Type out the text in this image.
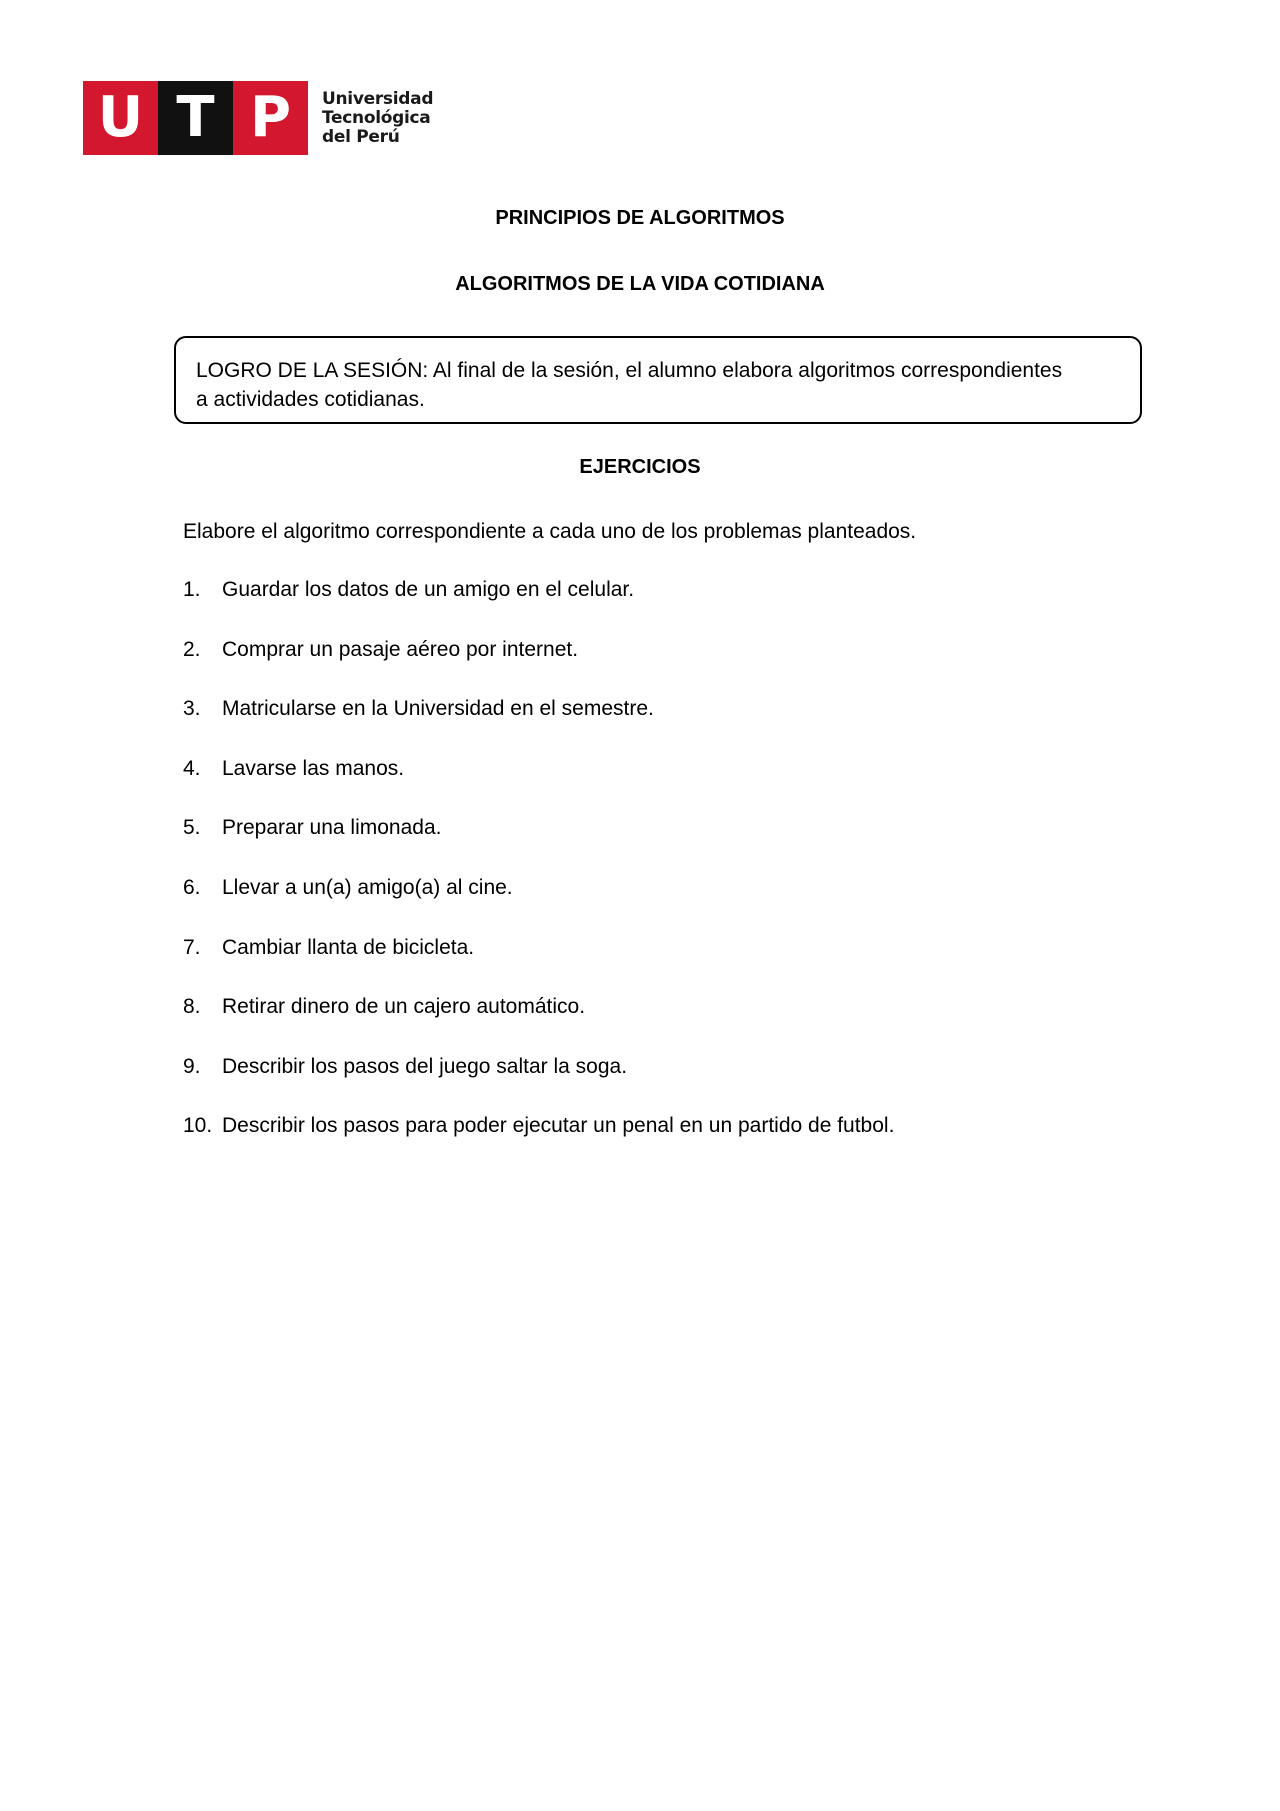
U T P	Universidad
Tecnológica
del Perú
PRINCIPIOS DE ALGORITMOS
ALGORITMOS DE LA VIDA COTIDIANA
LOGRO DE LA SESIÓN: Al final de la sesión, el alumno elabora algoritmos correspondientes
a actividades cotidianas.
EJERCICIOS
Elabore el algoritmo correspondiente a cada uno de los problemas planteados.
1.	Guardar los datos de un amigo en el celular.
2.	Comprar un pasaje aéreo por internet.
3.	Matricularse en la Universidad en el semestre.
4.	Lavarse las manos.
5.	Preparar una limonada.
6.	Llevar a un(a) amigo(a) al cine.
7.	Cambiar llanta de bicicleta.
8.	Retirar dinero de un cajero automático.
9.	Describir los pasos del juego saltar la soga.
10. Describir los pasos para poder ejecutar un penal en un partido de futbol.
